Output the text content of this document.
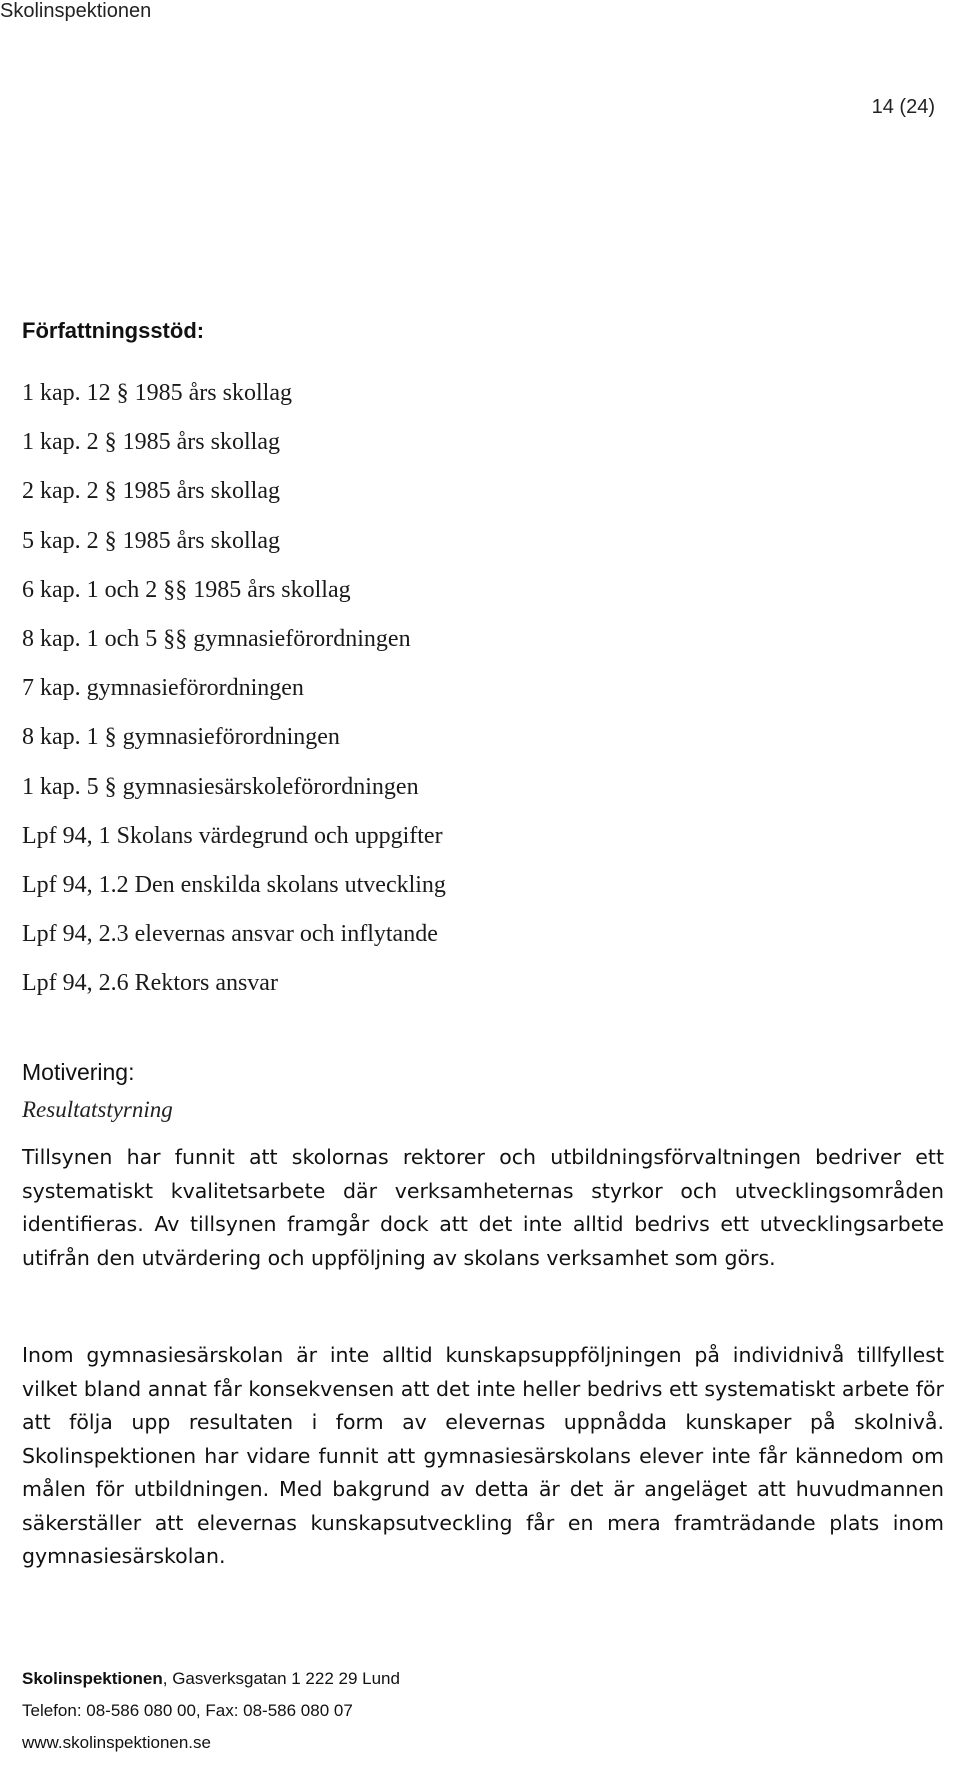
Skolinspektionen
14 (24)
Författningsstöd:
1 kap. 12 § 1985 års skollag
1 kap. 2 § 1985 års skollag
2 kap. 2 § 1985 års skollag
5 kap. 2 § 1985 års skollag
6 kap. 1 och 2 §§ 1985 års skollag
8 kap. 1 och 5 §§ gymnasieförordningen
7 kap. gymnasieförordningen
8 kap. 1 § gymnasieförordningen
1 kap. 5 § gymnasiesärskoleförordningen
Lpf 94, 1 Skolans värdegrund och uppgifter
Lpf 94, 1.2 Den enskilda skolans utveckling
Lpf 94, 2.3 elevernas ansvar och inflytande
Lpf 94, 2.6 Rektors ansvar
Motivering:
Resultatstyrning

Tillsynen har funnit att skolornas rektorer och utbildningsförvaltningen bedriver ett systematiskt kvalitetsarbete där verksamheternas styrkor och utvecklingsområden identifieras. Av tillsynen framgår dock att det inte alltid bedrivs ett utvecklingsarbete utifrån den utvärdering och uppföljning av skolans verksamhet som görs.

Inom gymnasiesärskolan är inte alltid kunskapsuppföljningen på individnivå tillfyllest vilket bland annat får konsekvensen att det inte heller bedrivs ett systematiskt arbete för att följa upp resultaten i form av elevernas uppnådda kunskaper på skolnivå. Skolinspektionen har vidare funnit att gymnasiesärskolans elever inte får kännedom om målen för utbildningen. Med bakgrund av detta är det är angeläget att huvudmannen säkerställer att elevernas kunskapsutveckling får en mera framträdande plats inom gymnasiesärskolan.

Skolinspektionen, Gasverksgatan 1 222 29 Lund
Telefon: 08-586 080 00, Fax: 08-586 080 07
www.skolinspektionen.se
